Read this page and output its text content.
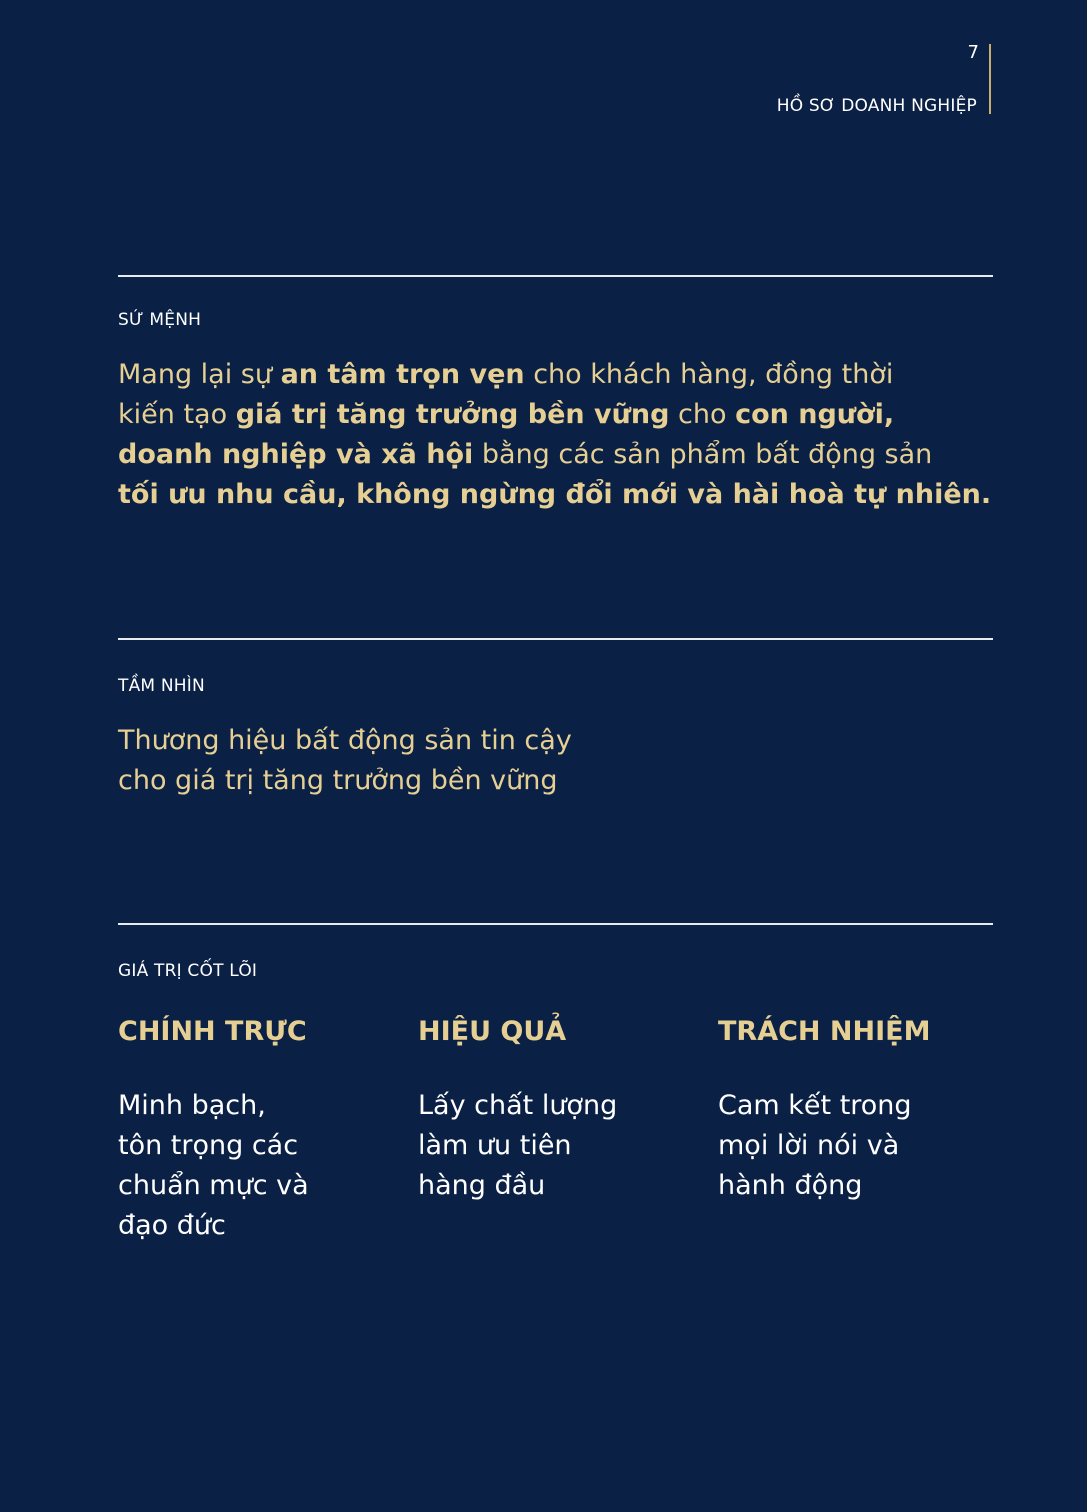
7
HỒ SƠ DOANH NGHIỆP
SỨ MỆNH
Mang lại sự an tâm trọn vẹn cho khách hàng, đồng thời
kiến tạo giá trị tăng trưởng bền vững cho con người,
doanh nghiệp và xã hội bằng các sản phẩm bất động sản
tối ưu nhu cầu, không ngừng đổi mới và hài hoà tự nhiên.
TẦM NHÌN
Thương hiệu bất động sản tin cậy
cho giá trị tăng trưởng bền vững
GIÁ TRỊ CỐT LÕI
CHÍNH TRỰC
Minh bạch,
tôn trọng các
chuẩn mực và
đạo đức
HIỆU QUẢ
Lấy chất lượng
làm ưu tiên
hàng đầu
TRÁCH NHIỆM
Cam kết trong
mọi lời nói và
hành động
